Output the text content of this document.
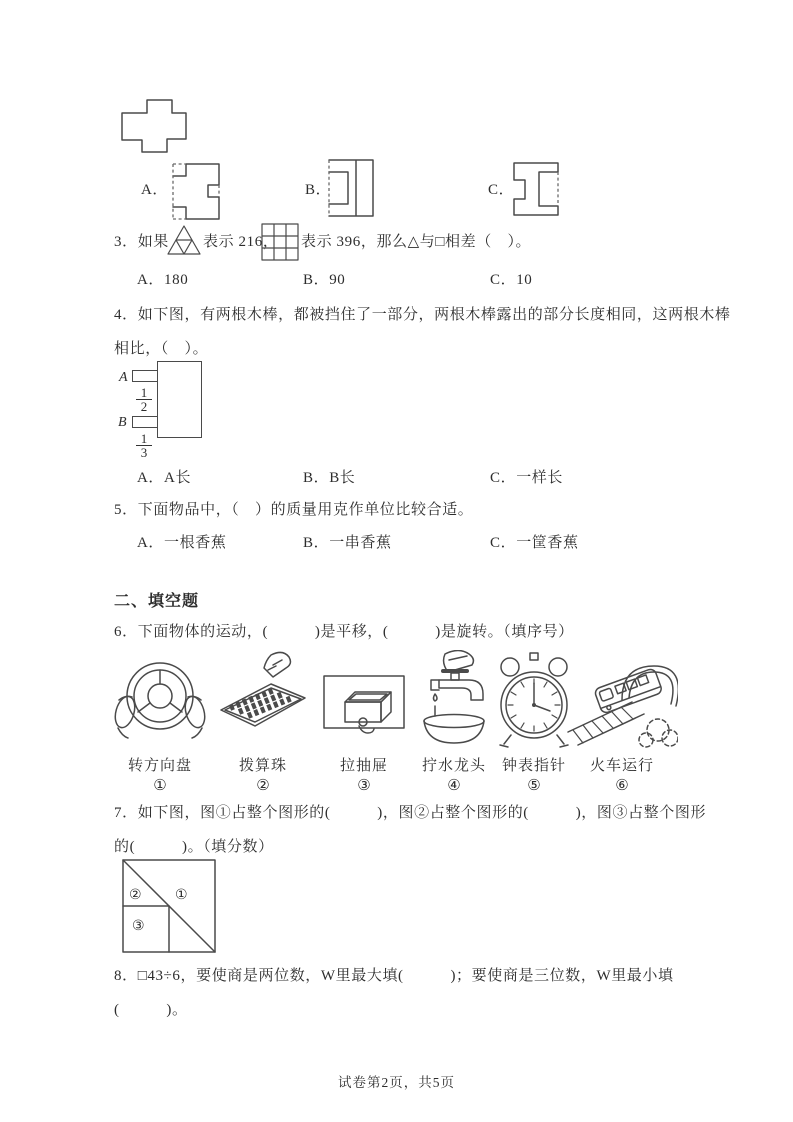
A．	B．	C．
3．如果 表示 216， 表示 396，那么△与□相差（　）。
A．180	B．90	C．10
4．如下图，有两根木棒，都被挡住了一部分，两根木棒露出的部分长度相同，这两根木棒
相比，（　）。
A
$\frac{1}{2}$
B
$\frac{1}{3}$
A．A长	B．B长	C．一样长
5．下面物品中，（　）的质量用克作单位比较合适。
A．一根香蕉	B．一串香蕉	C．一筐香蕉
二、填空题
6．下面物体的运动，(　　　)是平移，(　　　)是旋转。（填序号）
转方向盘
①
拨算珠
②
拉抽屉
③
拧水龙头
④
钟表指针
⑤
火车运行
⑥
7．如下图，图①占整个图形的(　　　)，图②占整个图形的(　　　)，图③占整个图形
的(　　　)。（填分数）
①
②
③
8．□43÷6，要使商是两位数，W里最大填(　　　)；要使商是三位数，W里最小填
(　　　)。
试卷第2页，共5页
